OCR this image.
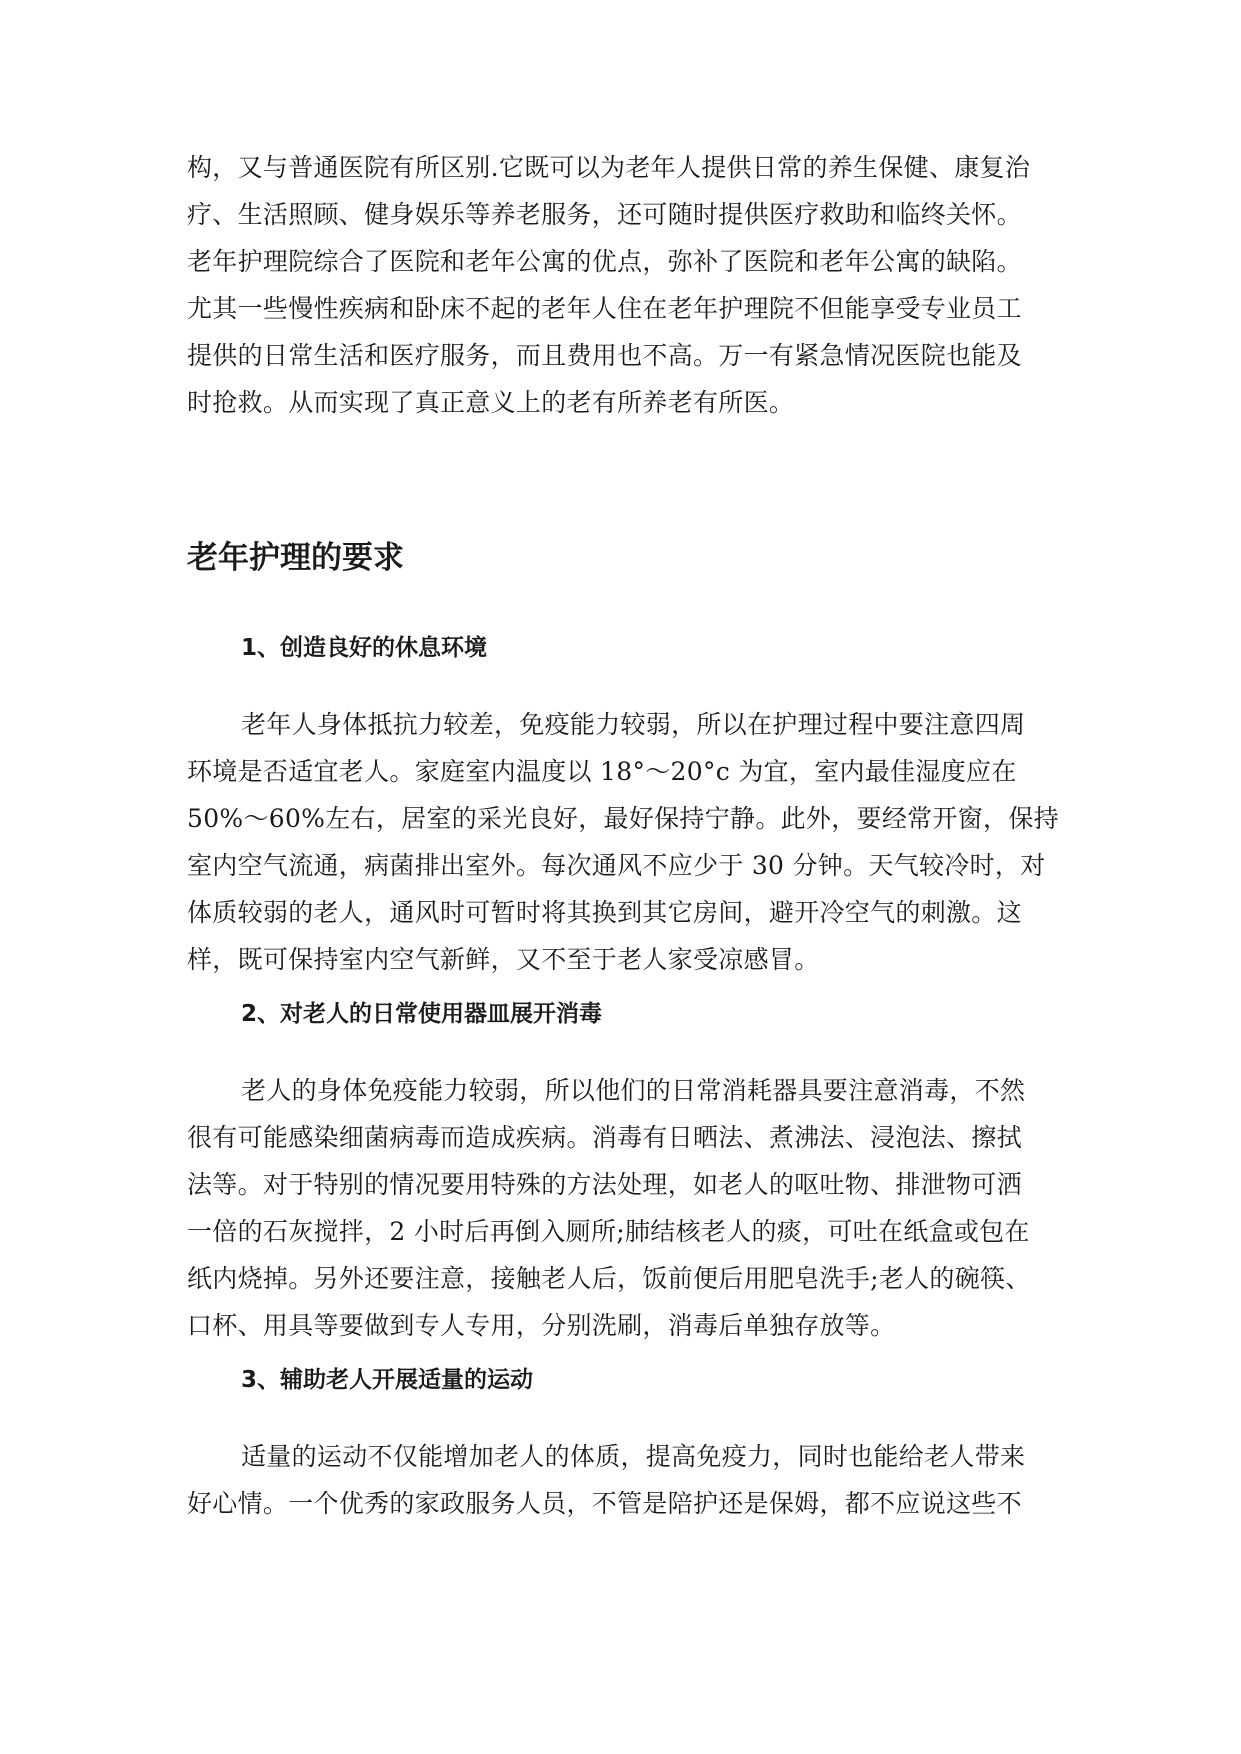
构，又与普通医院有所区别.它既可以为老年人提供日常的养生保健、康复治
疗、生活照顾、健身娱乐等养老服务，还可随时提供医疗救助和临终关怀。
老年护理院综合了医院和老年公寓的优点，弥补了医院和老年公寓的缺陷。
尤其一些慢性疾病和卧床不起的老年人住在老年护理院不但能享受专业员工
提供的日常生活和医疗服务，而且费用也不高。万一有紧急情况医院也能及
时抢救。从而实现了真正意义上的老有所养老有所医。
老年护理的要求
1、创造良好的休息环境
老年人身体抵抗力较差，免疫能力较弱，所以在护理过程中要注意四周
环境是否适宜老人。家庭室内温度以 18°～20°c 为宜，室内最佳湿度应在
50%～60%左右，居室的采光良好，最好保持宁静。此外，要经常开窗，保持
室内空气流通，病菌排出室外。每次通风不应少于 30 分钟。天气较冷时，对
体质较弱的老人，通风时可暂时将其换到其它房间，避开冷空气的刺激。这
样，既可保持室内空气新鲜，又不至于老人家受凉感冒。
2、对老人的日常使用器皿展开消毒
老人的身体免疫能力较弱，所以他们的日常消耗器具要注意消毒，不然
很有可能感染细菌病毒而造成疾病。消毒有日晒法、煮沸法、浸泡法、擦拭
法等。对于特别的情况要用特殊的方法处理，如老人的呕吐物、排泄物可洒
一倍的石灰搅拌，2 小时后再倒入厕所;肺结核老人的痰，可吐在纸盒或包在
纸内烧掉。另外还要注意，接触老人后，饭前便后用肥皂洗手;老人的碗筷、
口杯、用具等要做到专人专用，分别洗刷，消毒后单独存放等。
3、辅助老人开展适量的运动
适量的运动不仅能增加老人的体质，提高免疫力，同时也能给老人带来
好心情。一个优秀的家政服务人员，不管是陪护还是保姆，都不应说这些不
